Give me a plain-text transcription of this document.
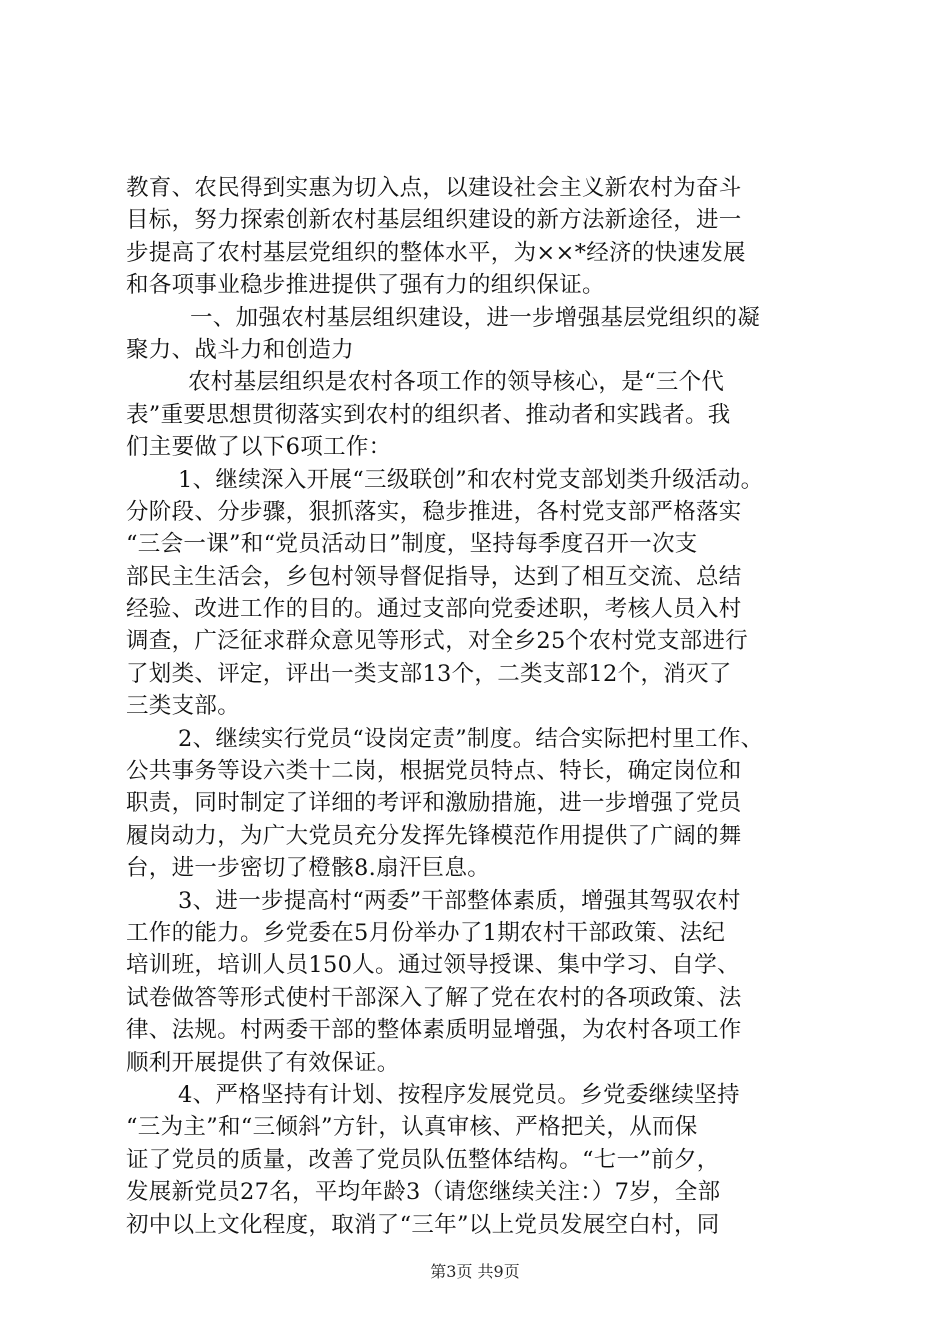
教育、农民得到实惠为切入点，以建设社会主义新农村为奋斗
目标，努力探索创新农村基层组织建设的新方法新途径，进一
步提高了农村基层党组织的整体水平，为××*经济的快速发展
和各项事业稳步推进提供了强有力的组织保证。
一、加强农村基层组织建设，进一步增强基层党组织的凝
聚力、战斗力和创造力
农村基层组织是农村各项工作的领导核心，是“三个代
表”重要思想贯彻落实到农村的组织者、推动者和实践者。我
们主要做了以下6项工作：
1、继续深入开展“三级联创”和农村党支部划类升级活动。
分阶段、分步骤，狠抓落实，稳步推进，各村党支部严格落实
“三会一课”和“党员活动日”制度，坚持每季度召开一次支
部民主生活会，乡包村领导督促指导，达到了相互交流、总结
经验、改进工作的目的。通过支部向党委述职，考核人员入村
调查，广泛征求群众意见等形式，对全乡25个农村党支部进行
了划类、评定，评出一类支部13个，二类支部12个，消灭了
三类支部。
2、继续实行党员“设岗定责”制度。结合实际把村里工作、
公共事务等设六类十二岗，根据党员特点、特长，确定岗位和
职责，同时制定了详细的考评和激励措施，进一步增强了党员
履岗动力，为广大党员充分发挥先锋模范作用提供了广阔的舞
台，进一步密切了橙骸8.扇汗巨息。
3、进一步提高村“两委”干部整体素质，增强其驾驭农村
工作的能力。乡党委在5月份举办了1期农村干部政策、法纪
培训班，培训人员150人。通过领导授课、集中学习、自学、
试卷做答等形式使村干部深入了解了党在农村的各项政策、法
律、法规。村两委干部的整体素质明显增强，为农村各项工作
顺利开展提供了有效保证。
4、严格坚持有计划、按程序发展党员。乡党委继续坚持
“三为主”和“三倾斜”方针，认真审核、严格把关，从而保
证了党员的质量，改善了党员队伍整体结构。“七一”前夕，
发展新党员27名，平均年龄3（请您继续关注：）7岁，全部
初中以上文化程度，取消了“三年”以上党员发展空白村，同
第3页 共9页
